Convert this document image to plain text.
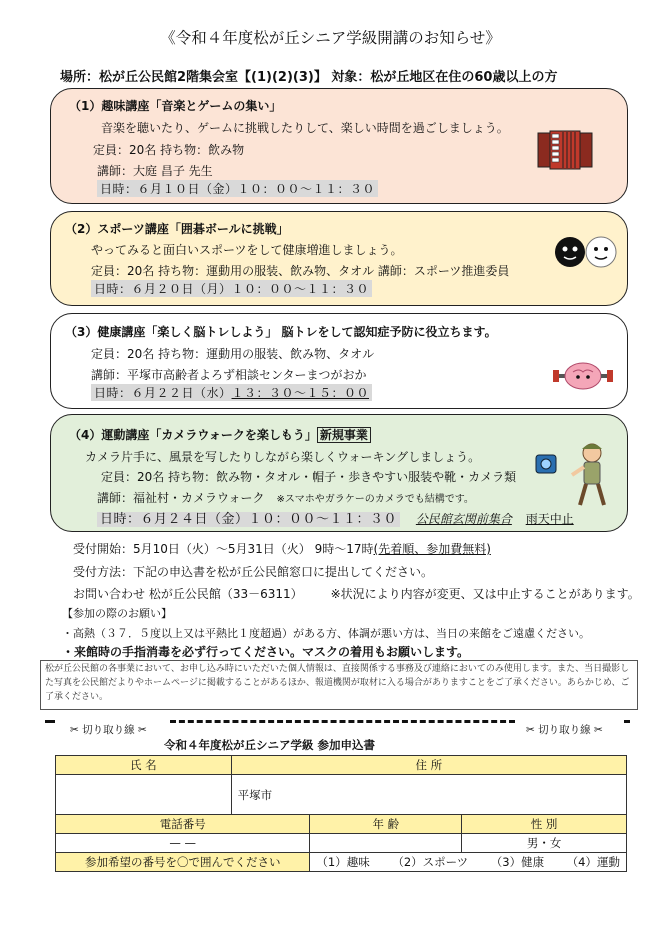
《令和４年度松が丘シニア学級開講のお知らせ》
場所：松が丘公民館2階集会室【(1)(2)(3)】 対象：松が丘地区在住の60歳以上の方
（1）趣味講座「音楽とゲームの集い」
音楽を聴いたり、ゲームに挑戦したりして、楽しい時間を過ごしましょう。
定員：20名 持ち物：飲み物
講師：大庭 昌子 先生
日時：６月１０日（金）１０：００～１１：３０
（2）スポーツ講座「囲碁ボールに挑戦」
やってみると面白いスポーツをして健康増進しましょう。
定員：20名 持ち物：運動用の服装、飲み物、タオル 講師：スポーツ推進委員
日時：６月２０日（月）１０：００～１１：３０
（3）健康講座「楽しく脳トレしよう」 脳トレをして認知症予防に役立ちます。
定員：20名 持ち物：運動用の服装、飲み物、タオル
講師：平塚市高齢者よろず相談センターまつがおか
日時：６月２２日（水）１３：３０～１５：００
（4）運動講座「カメラウォークを楽しもう」 新規事業
カメラ片手に、風景を写したりしながら楽しくウォーキングしましょう。
定員：20名 持ち物：飲み物・タオル・帽子・歩きやすい服装や靴・カメラ類
講師：福祉村・カメラウォーク ※スマホやガラケーのカメラでも結構です。
日時：６月２４日（金）１０：００～１１：３０ 公民館玄関前集合 雨天中止
受付開始：5月10日（火）～5月31日（火） 9時～17時(先着順、参加費無料)
受付方法：下記の申込書を松が丘公民館窓口に提出してください。
お問い合わせ 松が丘公民館（33－6311） ※状況により内容が変更、又は中止することがあります。
【参加の際のお願い】
・高熱（３７．５度以上又は平熱比１度超過）がある方、体調が悪い方は、当日の来館をご遠慮ください。
・来館時の手指消毒を必ず行ってください。マスクの着用もお願いします。
松が丘公民館の各事業において、お申し込み時にいただいた個人情報は、直接関係する事務及び連絡においてのみ使用します。また、当日撮影した写真を公民館だよりやホームページに掲載することがあるほか、報道機関が取材に入る場合がありますことをご了承ください。あらかじめ、ご了承ください。
✂ 切り取り線 ✂	✂ 切り取り線 ✂
令和４年度松が丘シニア学級 参加申込書
氏 名	住 所		
	平塚市		
電話番号		年 齢	性 別
— —			男・女
参加希望の番号を〇で囲んでください		（1）趣味 （2）スポーツ （3）健康 （4）運動	
